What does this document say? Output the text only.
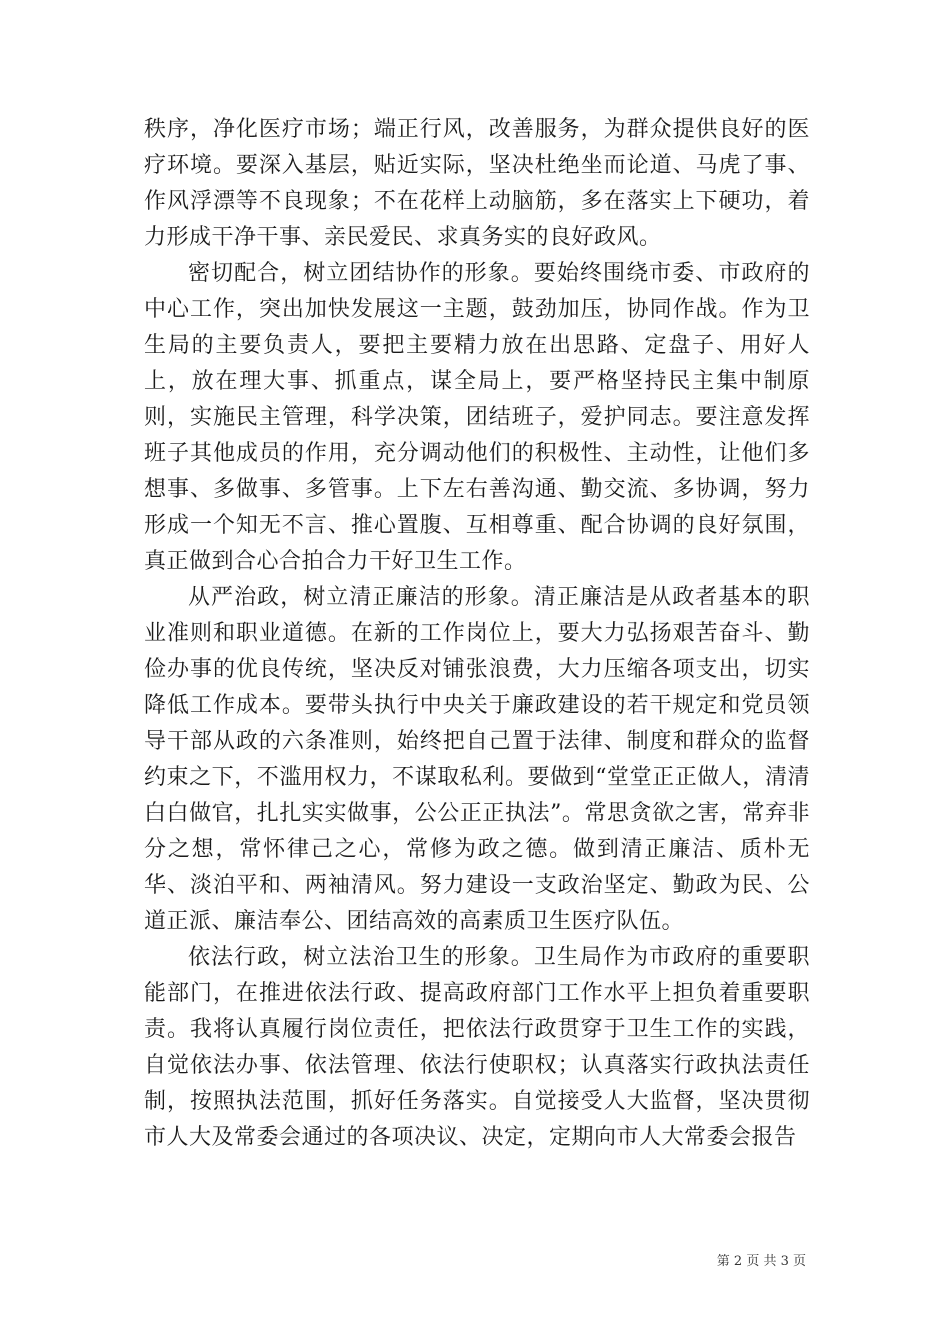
秩序，净化医疗市场；端正行风，改善服务，为群众提供良好的医疗环境。要深入基层，贴近实际，坚决杜绝坐而论道、马虎了事、作风浮漂等不良现象；不在花样上动脑筋，多在落实上下硬功，着力形成干净干事、亲民爱民、求真务实的良好政风。

密切配合，树立团结协作的形象。要始终围绕市委、市政府的中心工作，突出加快发展这一主题，鼓劲加压，协同作战。作为卫生局的主要负责人，要把主要精力放在出思路、定盘子、用好人上，放在理大事、抓重点，谋全局上，要严格坚持民主集中制原则，实施民主管理，科学决策，团结班子，爱护同志。要注意发挥班子其他成员的作用，充分调动他们的积极性、主动性，让他们多想事、多做事、多管事。上下左右善沟通、勤交流、多协调，努力形成一个知无不言、推心置腹、互相尊重、配合协调的良好氛围，真正做到合心合拍合力干好卫生工作。

从严治政，树立清正廉洁的形象。清正廉洁是从政者基本的职业准则和职业道德。在新的工作岗位上，要大力弘扬艰苦奋斗、勤俭办事的优良传统，坚决反对铺张浪费，大力压缩各项支出，切实降低工作成本。要带头执行中央关于廉政建设的若干规定和党员领导干部从政的六条准则，始终把自己置于法律、制度和群众的监督约束之下，不滥用权力，不谋取私利。要做到“堂堂正正做人，清清白白做官，扎扎实实做事，公公正正执法”。常思贪欲之害，常弃非分之想，常怀律己之心，常修为政之德。做到清正廉洁、质朴无华、淡泊平和、两袖清风。努力建设一支政治坚定、勤政为民、公道正派、廉洁奉公、团结高效的高素质卫生医疗队伍。

依法行政，树立法治卫生的形象。卫生局作为市政府的重要职能部门，在推进依法行政、提高政府部门工作水平上担负着重要职责。我将认真履行岗位责任，把依法行政贯穿于卫生工作的实践，自觉依法办事、依法管理、依法行使职权；认真落实行政执法责任制，按照执法范围，抓好任务落实。自觉接受人大监督，坚决贯彻市人大及常委会通过的各项决议、决定，定期向市人大常委会报告

第 2 页 共 3 页
